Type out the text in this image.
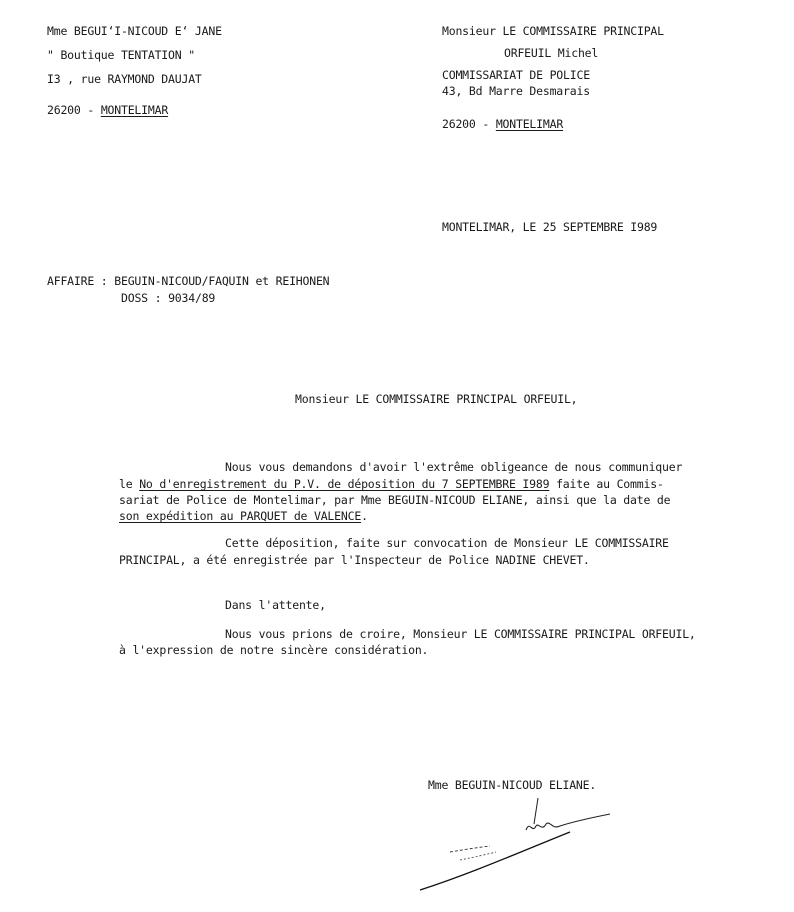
Mme BEGUI‘I-NICOUD E‘ JANE
" Boutique TENTATION "
I3 , rue RAYMOND DAUJAT
26200 - MONTELIMAR
Monsieur LE COMMISSAIRE PRINCIPAL
ORFEUIL Michel
COMMISSARIAT DE POLICE
43, Bd Marre Desmarais
26200 - MONTELIMAR
MONTELIMAR, LE 25 SEPTEMBRE I989
AFFAIRE : BEGUIN-NICOUD/FAQUIN et REIHONEN
DOSS : 9034/89
Monsieur LE COMMISSAIRE PRINCIPAL ORFEUIL,
Nous vous demandons d'avoir l'extrême obligeance de nous communiquer
le No d'enregistrement du P.V. de déposition du 7 SEPTEMBRE I989 faite au Commis-
sariat de Police de Montelimar, par Mme BEGUIN-NICOUD ELIANE, ainsi que la date de
son expédition au PARQUET de VALENCE.
Cette déposition, faite sur convocation de Monsieur LE COMMISSAIRE
PRINCIPAL, a été enregistrée par l'Inspecteur de Police NADINE CHEVET.
Dans l'attente,
Nous vous prions de croire, Monsieur LE COMMISSAIRE PRINCIPAL ORFEUIL,
à l'expression de notre sincère considération.
Mme BEGUIN-NICOUD ELIANE.
